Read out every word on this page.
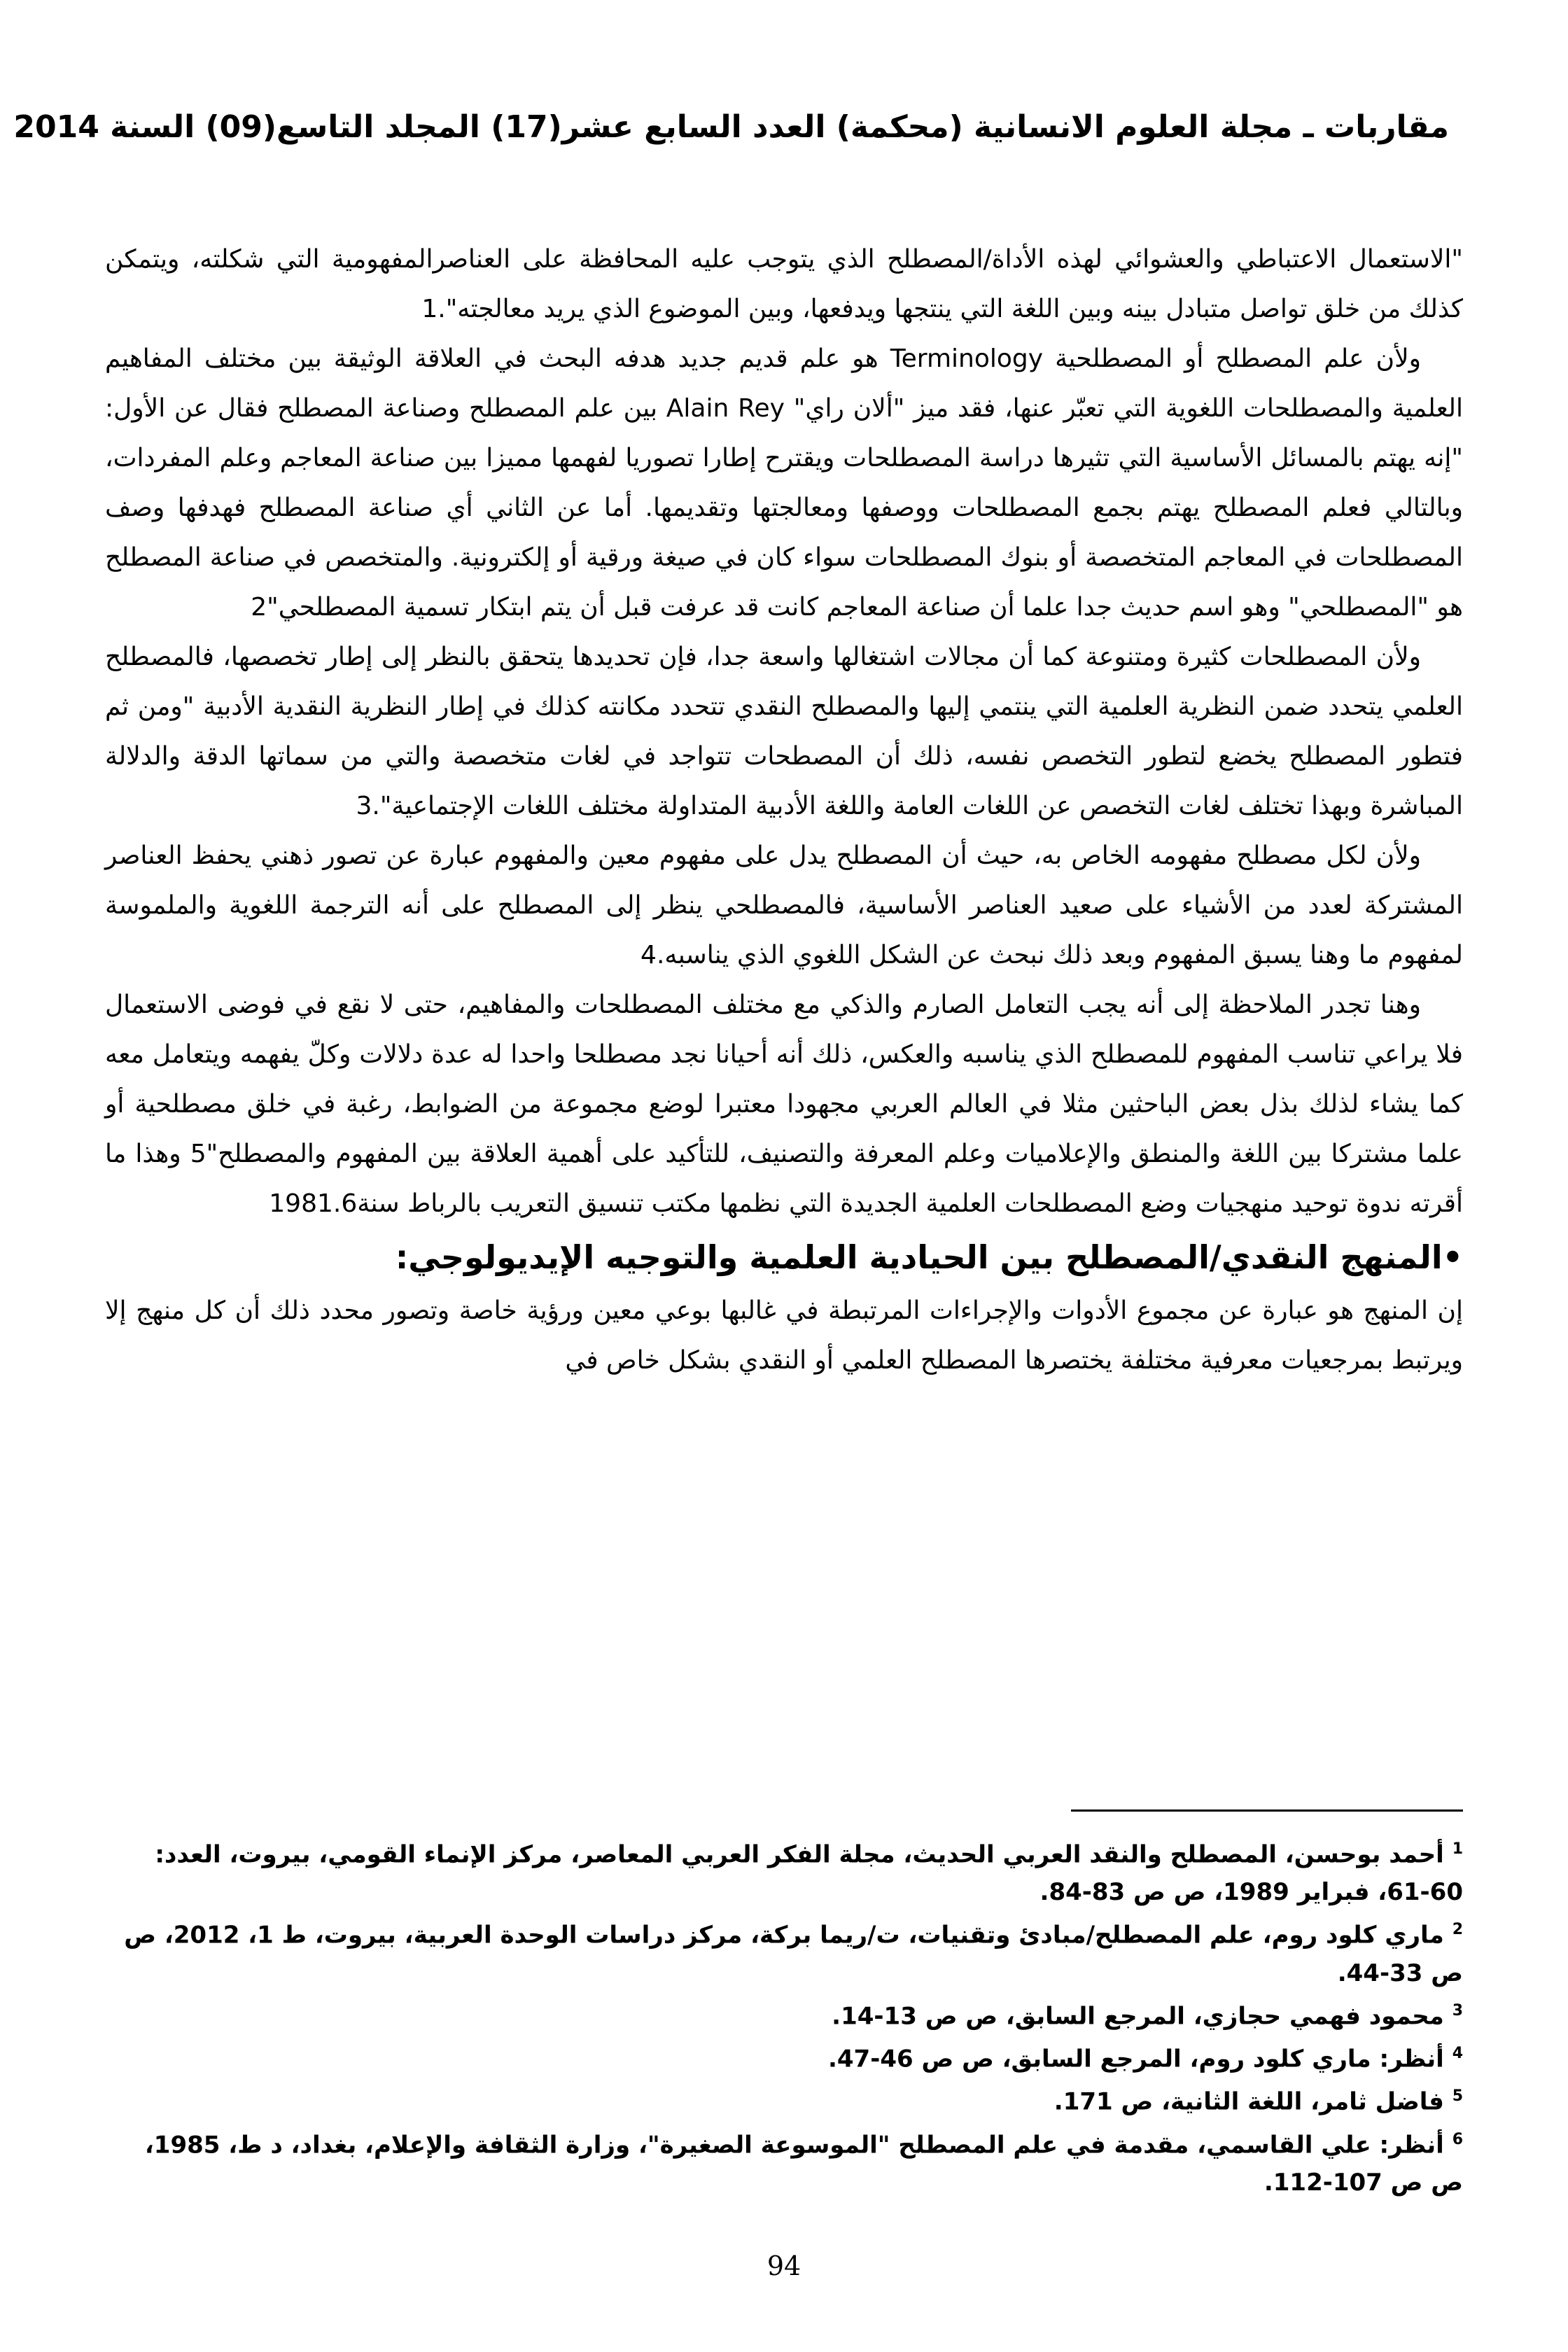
مقاربات ـ مجلة العلوم الانسانية (محكمة) العدد السابع عشر(17) المجلد التاسع(09) السنة 2014

"الاستعمال الاعتباطي والعشوائي لهذه الأداة/المصطلح الذي يتوجب عليه المحافظة على العناصرالمفهومية التي شكلته، ويتمكن كذلك من خلق تواصل متبادل بينه وبين اللغة التي ينتجها ويدفعها، وبين الموضوع الذي يريد معالجته".1

ولأن علم المصطلح أو المصطلحية Terminology هو علم قديم جديد هدفه البحث في العلاقة الوثيقة بين مختلف المفاهيم العلمية والمصطلحات اللغوية التي تعبّر عنها، فقد ميز "ألان راي" Alain Rey بين علم المصطلح وصناعة المصطلح فقال عن الأول: "إنه يهتم بالمسائل الأساسية التي تثيرها دراسة المصطلحات ويقترح إطارا تصوريا لفهمها مميزا بين صناعة المعاجم وعلم المفردات، وبالتالي فعلم المصطلح يهتم بجمع المصطلحات ووصفها ومعالجتها وتقديمها. أما عن الثاني أي صناعة المصطلح فهدفها وصف المصطلحات في المعاجم المتخصصة أو بنوك المصطلحات سواء كان في صيغة ورقية أو إلكترونية. والمتخصص في صناعة المصطلح هو "المصطلحي" وهو اسم حديث جدا علما أن صناعة المعاجم كانت قد عرفت قبل أن يتم ابتكار تسمية المصطلحي"2

ولأن المصطلحات كثيرة ومتنوعة كما أن مجالات اشتغالها واسعة جدا، فإن تحديدها يتحقق بالنظر إلى إطار تخصصها، فالمصطلح العلمي يتحدد ضمن النظرية العلمية التي ينتمي إليها والمصطلح النقدي تتحدد مكانته كذلك في إطار النظرية النقدية الأدبية "ومن ثم فتطور المصطلح يخضع لتطور التخصص نفسه، ذلك أن المصطحات تتواجد في لغات متخصصة والتي من سماتها الدقة والدلالة المباشرة وبهذا تختلف لغات التخصص عن اللغات العامة واللغة الأدبية المتداولة مختلف اللغات الإجتماعية".3

ولأن لكل مصطلح مفهومه الخاص به، حيث أن المصطلح يدل على مفهوم معين والمفهوم عبارة عن تصور ذهني يحفظ العناصر المشتركة لعدد من الأشياء على صعيد العناصر الأساسية، فالمصطلحي ينظر إلى المصطلح على أنه الترجمة اللغوية والملموسة لمفهوم ما وهنا يسبق المفهوم وبعد ذلك نبحث عن الشكل اللغوي الذي يناسبه.4

وهنا تجدر الملاحظة إلى أنه يجب التعامل الصارم والذكي مع مختلف المصطلحات والمفاهيم، حتى لا نقع في فوضى الاستعمال فلا يراعي تناسب المفهوم للمصطلح الذي يناسبه والعكس، ذلك أنه أحيانا نجد مصطلحا واحدا له عدة دلالات وكلّ يفهمه ويتعامل معه كما يشاء لذلك بذل بعض الباحثين مثلا في العالم العربي مجهودا معتبرا لوضع مجموعة من الضوابط، رغبة في خلق مصطلحية أو علما مشتركا بين اللغة والمنطق والإعلاميات وعلم المعرفة والتصنيف، للتأكيد على أهمية العلاقة بين المفهوم والمصطلح"5 وهذا ما أقرته ندوة توحيد منهجيات وضع المصطلحات العلمية الجديدة التي نظمها مكتب تنسيق التعريب بالرباط سنة1981.6

•المنهج النقدي/المصطلح بين الحيادية العلمية والتوجيه الإيديولوجي:

إن المنهج هو عبارة عن مجموع الأدوات والإجراءات المرتبطة في غالبها بوعي معين ورؤية خاصة وتصور محدد ذلك أن كل منهج إلا ويرتبط بمرجعيات معرفية مختلفة يختصرها المصطلح العلمي أو النقدي بشكل خاص في

$^1$ أحمد بوحسن، المصطلح والنقد العربي الحديث، مجلة الفكر العربي المعاصر، مركز الإنماء القومي، بيروت، العدد: 60-61، فبراير 1989، ص ص 83-84.

$^2$ ماري كلود روم، علم المصطلح/مبادئ وتقنيات، ت/ريما بركة، مركز دراسات الوحدة العربية، بيروت، ط 1، 2012، ص ص 33-44.

$^3$ محمود فهمي حجازي، المرجع السابق، ص ص 13-14.

$^4$ أنظر: ماري كلود روم، المرجع السابق، ص ص 46-47.

$^5$ فاضل ثامر، اللغة الثانية، ص 171.

$^6$ أنظر: علي القاسمي، مقدمة في علم المصطلح "الموسوعة الصغيرة"، وزارة الثقافة والإعلام، بغداد، د ط، 1985، ص ص 107-112.

94
